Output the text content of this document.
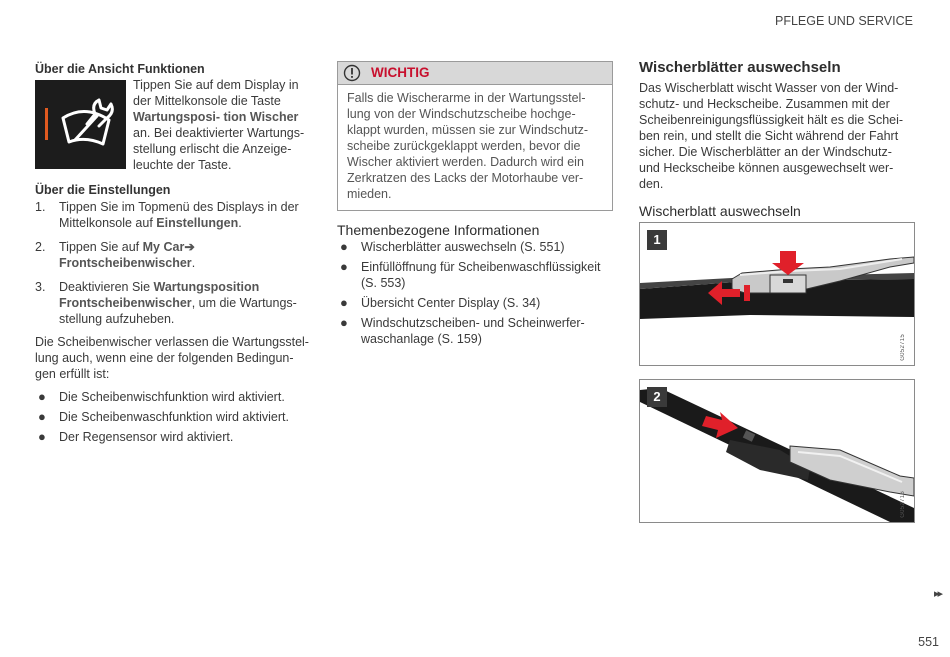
PFLEGE UND SERVICE
Über die Ansicht Funktionen
Tippen Sie auf dem Display in
der Mittelkonsole die Taste
Wartungsposi- tion Wischer
an. Bei deaktivierter Wartungs-
stellung erlischt die Anzeige-
leuchte der Taste.
Über die Einstellungen
1. Tippen Sie im Topmenü des Displays in der
Mittelkonsole auf Einstellungen.
2. Tippen Sie auf My Car➔
Frontscheibenwischer.
3. Deaktivieren Sie Wartungsposition Frontscheibenwischer, um die Wartungs-
stellung aufzuheben.
Die Scheibenwischer verlassen die Wartungsstel-
lung auch, wenn eine der folgenden Bedingun-
gen erfüllt ist:
● Die Scheibenwischfunktion wird aktiviert.
● Die Scheibenwaschfunktion wird aktiviert.
● Der Regensensor wird aktiviert.
WICHTIG
Falls die Wischerarme in der Wartungsstel-
lung von der Windschutzscheibe hochge-
klappt wurden, müssen sie zur Windschutz-
scheibe zurückgeklappt werden, bevor die
Wischer aktiviert werden. Dadurch wird ein
Zerkratzen des Lacks der Motorhaube ver-
mieden.
Themenbezogene Informationen
● Wischerblätter auswechseln (S. 551)
● Einfüllöffnung für Scheibenwaschflüssigkeit
(S. 553)
● Übersicht Center Display (S. 34)
● Windschutzscheiben- und Scheinwerfer-
waschanlage (S. 159)
Wischerblätter auswechseln
Das Wischerblatt wischt Wasser von der Wind-
schutz- und Heckscheibe. Zusammen mit der
Scheibenreinigungsflüssigkeit hält es die Schei-
ben rein, und stellt die Sicht während der Fahrt
sicher. Die Wischerblätter an der Windschutz-
und Heckscheibe können ausgewechselt wer-
den.
Wischerblatt auswechseln
1
G052715
2
G052716
▸▸
551
